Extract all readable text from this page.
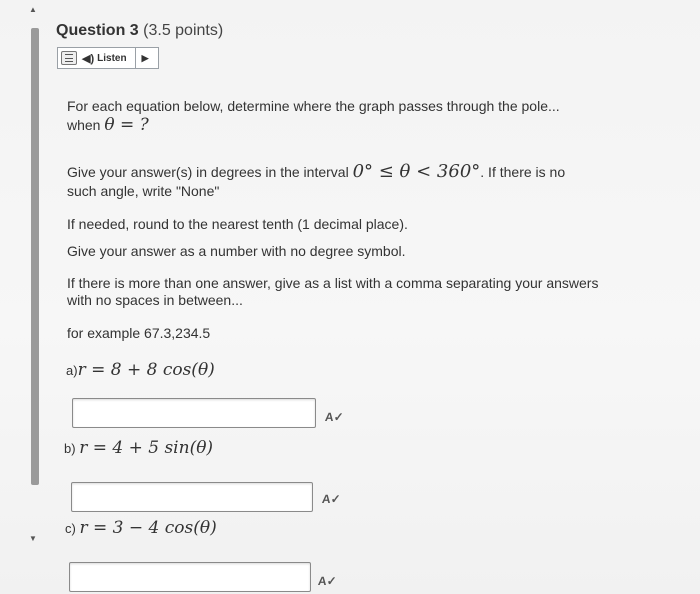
▲
▼
Question 3 (3.5 points)
◀) Listen ▶
For each equation below, determine where the graph passes through the pole...
when θ = ?
Give your answer(s) in degrees in the interval 0° ≤ θ < 360°. If there is no
such angle, write "None"
If needed, round to the nearest tenth (1 decimal place).
Give your answer as a number with no degree symbol.
If there is more than one answer, give as a list with a comma separating your answers
with no spaces in between...
for example 67.3,234.5
a)r = 8 + 8 cos(θ)
A✓
b) r = 4 + 5 sin(θ)
A✓
c) r = 3 − 4 cos(θ)
A✓
